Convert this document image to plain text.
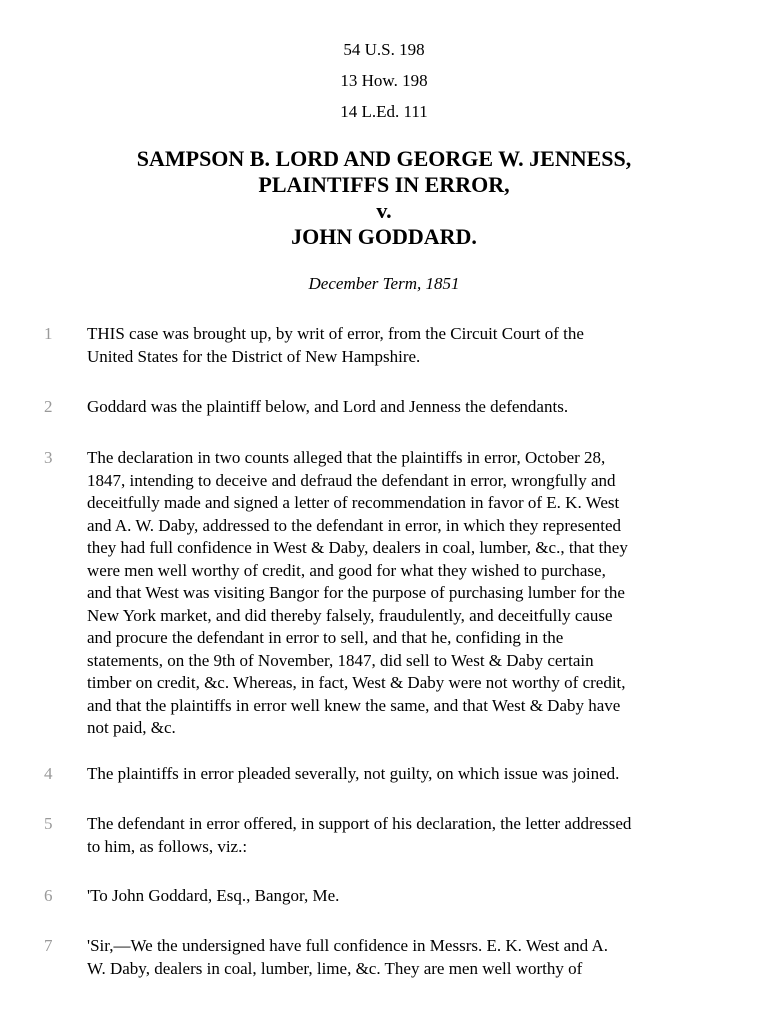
54 U.S. 198
13 How. 198
14 L.Ed. 111
SAMPSON B. LORD AND GEORGE W. JENNESS,
PLAINTIFFS IN ERROR,
v.
JOHN GODDARD.
December Term, 1851
1	THIS case was brought up, by writ of error, from the Circuit Court of the
United States for the District of New Hampshire.
2	Goddard was the plaintiff below, and Lord and Jenness the defendants.
3	The declaration in two counts alleged that the plaintiffs in error, October 28,
1847, intending to deceive and defraud the defendant in error, wrongfully and
deceitfully made and signed a letter of recommendation in favor of E. K. West
and A. W. Daby, addressed to the defendant in error, in which they represented
they had full confidence in West & Daby, dealers in coal, lumber, &c., that they
were men well worthy of credit, and good for what they wished to purchase,
and that West was visiting Bangor for the purpose of purchasing lumber for the
New York market, and did thereby falsely, fraudulently, and deceitfully cause
and procure the defendant in error to sell, and that he, confiding in the
statements, on the 9th of November, 1847, did sell to West & Daby certain
timber on credit, &c. Whereas, in fact, West & Daby were not worthy of credit,
and that the plaintiffs in error well knew the same, and that West & Daby have
not paid, &c.
4	The plaintiffs in error pleaded severally, not guilty, on which issue was joined.
5	The defendant in error offered, in support of his declaration, the letter addressed
to him, as follows, viz.:
6	'To John Goddard, Esq., Bangor, Me.
7	'Sir,—We the undersigned have full confidence in Messrs. E. K. West and A.
W. Daby, dealers in coal, lumber, lime, &c. They are men well worthy of
